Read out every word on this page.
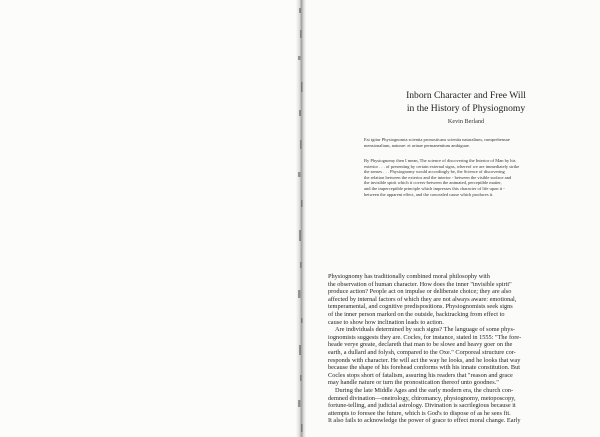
Inborn Character and Free Will
in the History of Physiognomy
Kevin Berland
Est igitur Physiognomia scientia pronosticans scientia naturalium, cumprehensae
mensionalium, naturae: et urinae permanentium ambiguae.
By Physiognomy then I mean, The science of discovering the Interior of Man by his
exterior . . . of presenting by certain external signs, whereof we are immediately strike
the senses . . . Physiognomy would accordingly be, the Science of discovering
the relation between the exterior and the interior - between the visible surface and
the invisible spirit which it covers-between the animated, perceptible matter,
and the imperceptible principle which impresses this character of life upon it -
between the apparent effect, and the concealed cause which produces it.
Physiognomy has traditionally combined moral philosophy with
the observation of human character. How does the inner "invisible spirit"
produce action? People act on impulse or deliberate choice; they are also
affected by internal factors of which they are not always aware: emotional,
temperamental, and cognitive predispositions. Physiognomists seek signs
of the inner person marked on the outside, backtracking from effect to
cause to show how inclination leads to action.
Are individuals determined by such signs? The language of some phys-
iognomists suggests they are. Cocles, for instance, stated in 1555: "The fore-
heade verye greate, declareth that man to be slowe and heavy goer on the
earth, a dullard and folysh, compared to the Oxe." Corporeal structure cor-
responds with character. He will act the way he looks, and he looks that way
because the shape of his forehead conforms with his innate constitution. But
Cocles stops short of fatalism, assuring his readers that "reason and grace
may handle nature or turn the pronostication thereof unto goodnes."
During the late Middle Ages and the early modern era, the church con-
demned divination—oneirology, chiromancy, physiognomy, metoposcopy,
fortune-telling, and judicial astrology. Divination is sacrilegious because it
attempts to foresee the future, which is God's to dispose of as he sees fit.
It also fails to acknowledge the power of grace to effect moral change. Early
